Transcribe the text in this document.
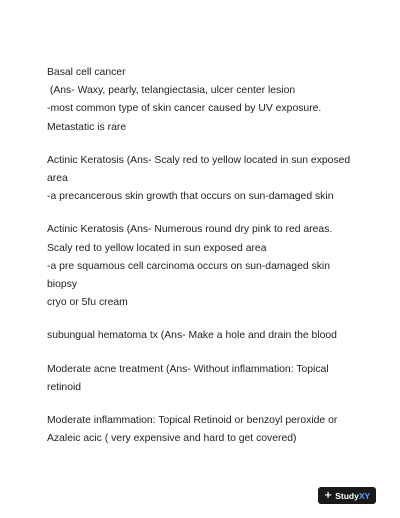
Basal cell cancer
(Ans- Waxy, pearly, telangiectasia, ulcer center lesion
-most common type of skin cancer caused by UV exposure.
Metastatic is rare
Actinic Keratosis (Ans- Scaly red to yellow located in sun exposed
area
-a precancerous skin growth that occurs on sun-damaged skin
Actinic Keratosis (Ans- Numerous round dry pink to red areas.
Scaly red to yellow located in sun exposed area
-a pre squamous cell carcinoma occurs on sun-damaged skin
biopsy
cryo or 5fu cream
subungual hematoma tx (Ans- Make a hole and drain the blood
Moderate acne treatment (Ans- Without inflammation: Topical
retinoid
Moderate inflammation: Topical Retinoid or benzoyl peroxide or
Azaleic acic ( very expensive and hard to get covered)
+ StudyXY
